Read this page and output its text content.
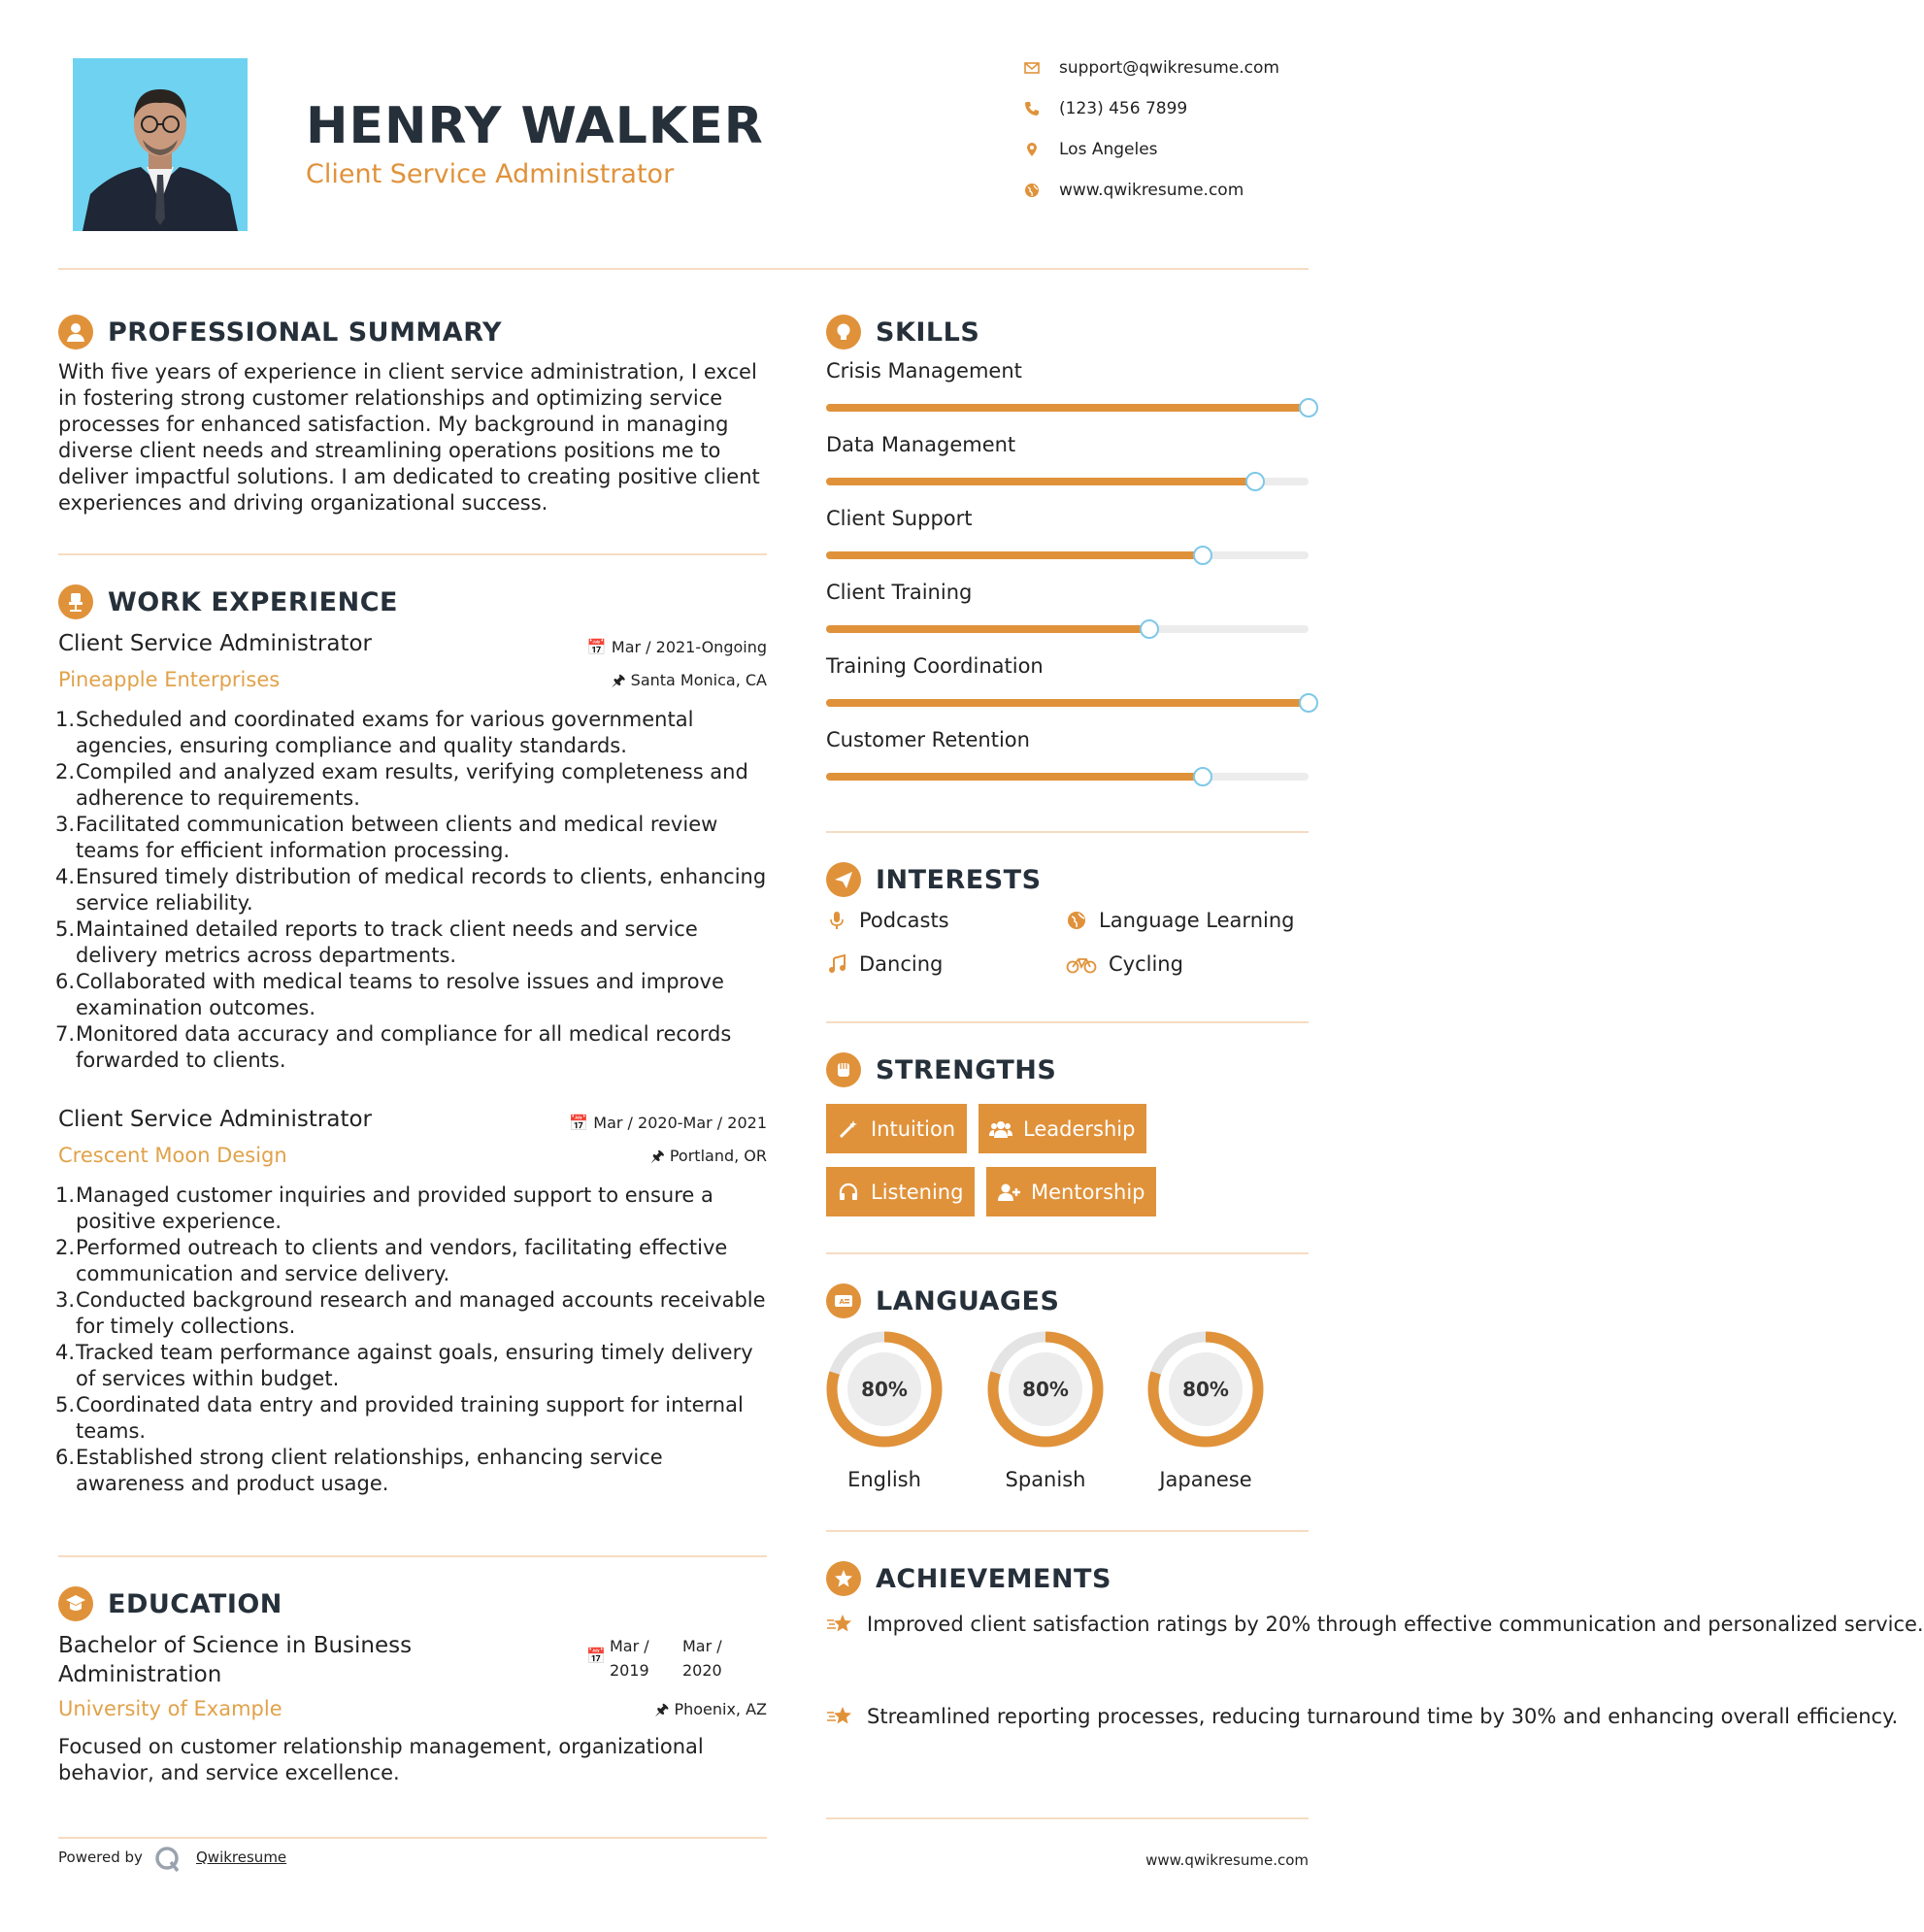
HENRY WALKER
Client Service Administrator
support@qwikresume.com
(123) 456 7899
Los Angeles
www.qwikresume.com
PROFESSIONAL SUMMARY
With five years of experience in client service administration, I excel in fostering strong customer relationships and optimizing service processes for enhanced satisfaction. My background in managing diverse client needs and streamlining operations positions me to deliver impactful solutions. I am dedicated to creating positive client experiences and driving organizational success.
WORK EXPERIENCE
Client Service Administrator
Pineapple Enterprises
📅 Mar / 2021-Ongoing
🖈 Santa Monica, CA
1. Scheduled and coordinated exams for various governmental agencies, ensuring compliance and quality standards.
2. Compiled and analyzed exam results, verifying completeness and adherence to requirements.
3. Facilitated communication between clients and medical review teams for efficient information processing.
4. Ensured timely distribution of medical records to clients, enhancing service reliability.
5. Maintained detailed reports to track client needs and service delivery metrics across departments.
6. Collaborated with medical teams to resolve issues and improve examination outcomes.
7. Monitored data accuracy and compliance for all medical records forwarded to clients.
Client Service Administrator
Crescent Moon Design
📅 Mar / 2020-Mar / 2021
🖈 Portland, OR
1. Managed customer inquiries and provided support to ensure a positive experience.
2. Performed outreach to clients and vendors, facilitating effective communication and service delivery.
3. Conducted background research and managed accounts receivable for timely collections.
4. Tracked team performance against goals, ensuring timely delivery of services within budget.
5. Coordinated data entry and provided training support for internal teams.
6. Established strong client relationships, enhancing service awareness and product usage.
EDUCATION
Bachelor of Science in Business
Administration
University of Example
📅
Mar /
2019
Mar /
2020
🖈 Phoenix, AZ
Focused on customer relationship management, organizational behavior, and service excellence.
SKILLS
Crisis Management
Data Management
Client Support
Client Training
Training Coordination
Customer Retention
INTERESTS
Podcasts	Language Learning
Dancing	Cycling
STRENGTHS
Intuition	Leadership
Listening	Mentorship
A LANGUAGES
80%
English
80%
Spanish
80%
Japanese
ACHIEVEMENTS
Improved client satisfaction ratings by 20% through effective communication and personalized service.
Streamlined reporting processes, reducing turnaround time by 30% and enhancing overall efficiency.
Powered by	Qwikresume	www.qwikresume.com
